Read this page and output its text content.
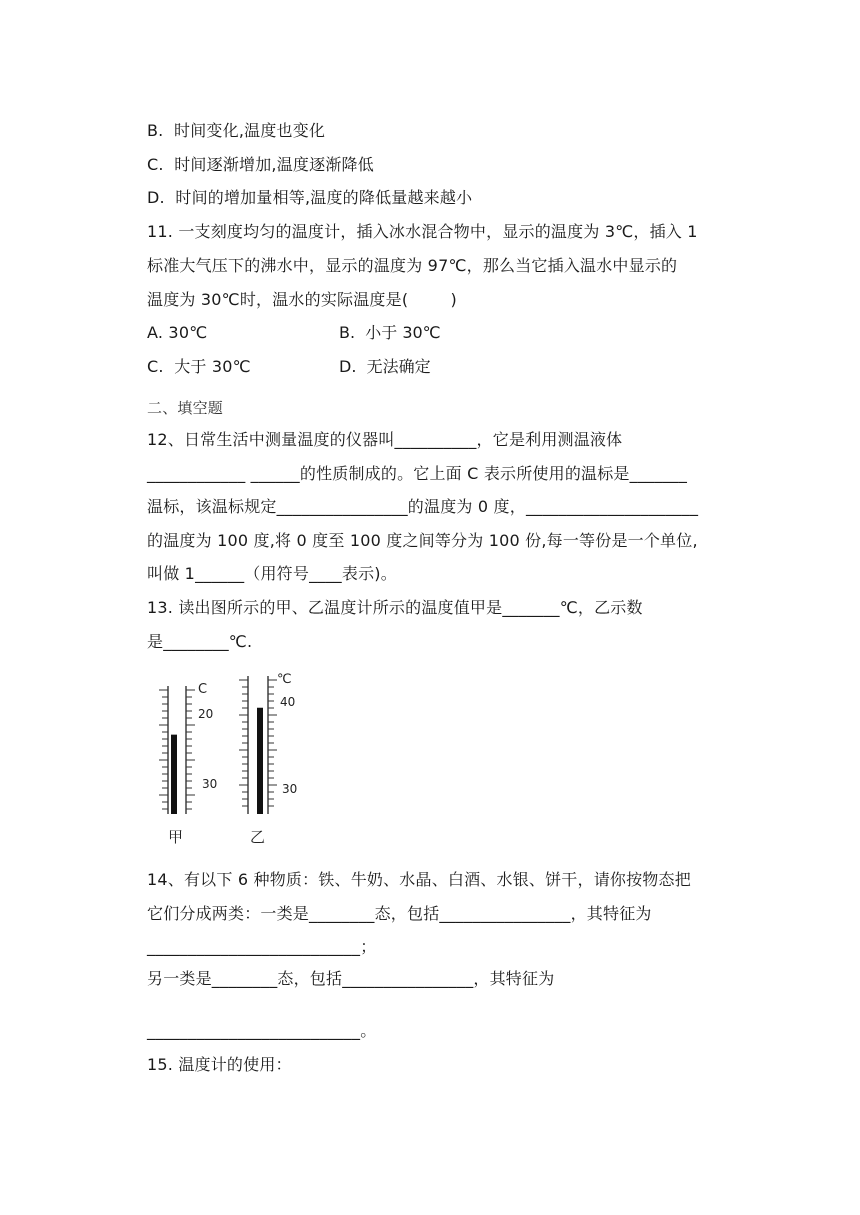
B.  时间变化,温度也变化
C.  时间逐渐增加,温度逐渐降低
D.  时间的增加量相等,温度的降低量越来越小
11. 一支刻度均匀的温度计，插入冰水混合物中，显示的温度为 3℃，插入 1
标准大气压下的沸水中，显示的温度为 97℃，那么当它插入温水中显示的
温度为 30℃时，温水的实际温度是(        )
A. 30℃	B.  小于 30℃
C.  大于 30℃	D.  无法确定
二、填空题
12、日常生活中测量温度的仪器叫__________，它是利用测温液体
____________ ______的性质制成的。它上面 C 表示所使用的温标是_______
温标，该温标规定________________的温度为 0 度，_____________________
的温度为 100 度,将 0 度至 100 度之间等分为 100 份,每一等份是一个单位,
叫做 1______（用符号____表示)。
13. 读出图所示的甲、乙温度计所示的温度值甲是_______℃，乙示数
是________℃.
C
20
30
甲
℃
40
30
乙
14、有以下 6 种物质：铁、牛奶、水晶、白酒、水银、饼干，请你按物态把
它们分成两类：一类是________态，包括________________，其特征为
__________________________；
另一类是________态，包括________________，其特征为
__________________________。
15. 温度计的使用：
